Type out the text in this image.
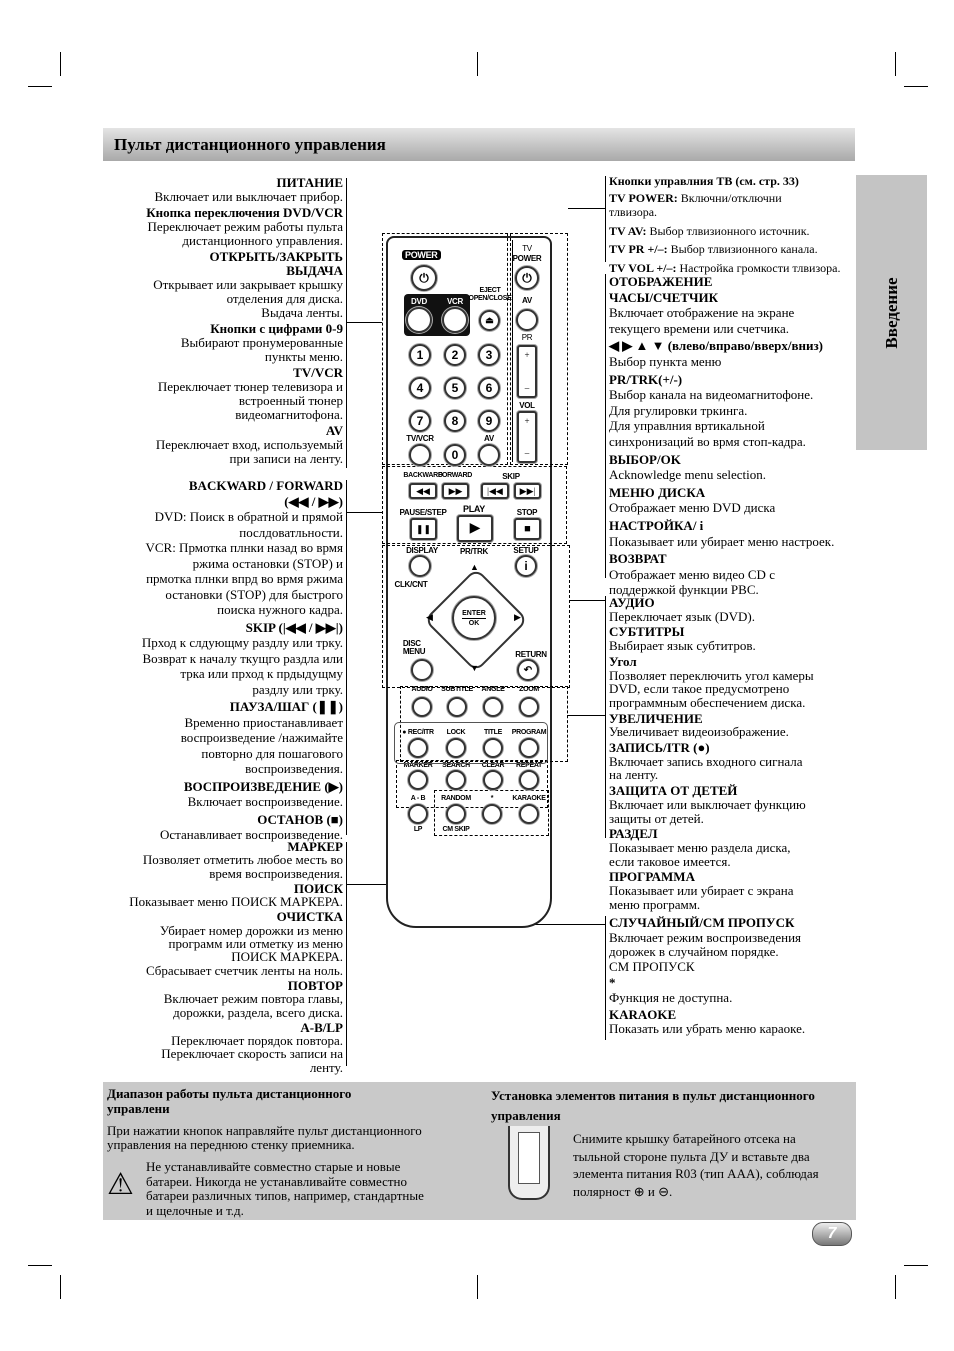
Пульт дистанционного управления
Введение
ПИТАНИЕ
Включает или выключает прибор.
Кнопка переключения DVD/VCR
Переключает режим работы пульта
дистанционного управления.
ОТКРЫТЬ/ЗАКРЫТЬ
ВЫДАЧА
Открывает или закрывает крышку
отделения для диска.
Выдача ленты.
Кнопки с цифрами 0-9
Выбирают пронумерованные
пункты меню.
TV/VCR
Переключает тюнер телевизора и
встроенный тюнер
видеомагнитофона.
AV
Переключает вход, используемый
при записи на ленту.
BACKWARD / FORWARD
(◀◀ / ▶▶)
DVD: Поиск в обратной и прямой
послдоватльности.
VCR: Прмотка плнки назад во врмя
ржима остановки (STOP) и
прмотка плнки впрд во врмя ржима
остановки (STOP) для быстрого
поиска нужного кадра.
SKIP (|◀◀ / ▶▶|)
Прход к слдующму раздлу или трку.
Возврат к началу ткущго раздла или
трка или прход к прдыдущму
раздлу или трку.
ПАУЗА/ШАГ (❚❚)
Временно приостанавливает
воспроизведение /нажимайте
повторно для пошагового
воспроизведения.
ВОСПРОИЗВЕДЕНИЕ (▶)
Включает воспроизведение.
ОСТАНОВ (■)
Останавливает воспроизведение.
МАРКЕР
Позволяет отметить любое месть во
время воспроизведения.
ПОИСК
Показывает меню ПОИСК МАРКЕРА.
ОЧИСТКА
Убирает номер дорожки из меню
программ или отметку из меню
ПОИСК МАРКЕРА.
Сбрасывает счетчик ленты на ноль.
ПОВТОР
Включает режим повтора главы,
дорожки, раздела, всего диска.
A-B/LP
Переключает порядок повтора.
Переключает скорость записи на
ленту.
Кнопки управлния ТВ (см. стр. 33)
TV POWER: Включни/отключни
тлвизора.
TV AV: Выбор тлвизионного источник.
TV PR +/–: Выбор тлвизионного канала.
TV VOL +/–: Настройка громкости тлвизора.
ОТОБРАЖЕНИЕ
ЧАСЫ/СЧЕТЧИК
Включает отображение на экране
текущего времени или счетчика.
◀ ▶ ▲ ▼ (влево/вправо/вверх/вниз)
Выбор пункта меню
PR/TRK(+/-)
Выбор канала на видеомагнитофоне.
Для ргулировки тркинга.
Для управлния вртикальной
синхронизаций во врмя стоп-кадра.
ВЫБОР/OK
Acknowledge menu selection.
МЕНЮ ДИСКА
Отображает меню DVD диска
НАСТРОЙКА/ i
Показывает или убирает меню настроек.
ВОЗВРАТ
Отображает меню видео CD с
поддержкой функции PBC.
АУДИО
Переключает язык (DVD).
СУБТИТРЫ
Выбирает язык субтитров.
Угол
Позволяет переключить угол камеры
DVD, если такое предусмотрено
программным обеспечением диска.
УВЕЛИЧЕНИЕ
Увеличивает видеоизображение.
ЗАПИСЬ/ITR (●)
Включает запись входного сигнала
на ленту.
ЗАЩИТА ОТ ДЕТЕЙ
Включает или выключает функцию
защиты от детей.
РАЗДЕЛ
Показывает меню раздела диска,
если таковое имеется.
ПРОГРАММА
Показывает или убирает с экрана
меню программ.
СЛУЧАЙНЫЙ/СМ ПРОПУСК
Включает режим воспроизведения
дорожек в случайном порядке.
СМ ПРОПУСК
*
Функция не доступна.
KARAOKE
Показать или убрать меню караоке.
POWER
⏻
DVD	VCR
EJECT
OPEN/CLOSE
⏏
1	2	3
4	5	6
7	8	9
0
TV/VCR	AV
TV
POWER
⏻
AV
PR
+
–
VOL
+
–
BACKWARD
FORWARD	SKIP
◀◀ ▶▶	|◀◀ ▶▶|
PAUSE/STEP PLAY	STOP
❚❚	▶	■
DISPLAY
CLK/CNT
PR/TRK	SETUP
i
▲
▼
◀	▶
ENTER
OK
DISC
MENU	RETURN
↶
AUDIO SUBTITLE ANGLE ZOOM
● REC/ITR LOCK	TITLE PROGRAM
MARKER SEARCH CLEAR REPEAT
A - B RANDOM	*	KARAOKE
LP	CM SKIP
Диапазон работы пульта дистанционного
управлени
При нажатии кнопок направляйте пульт дистанционного
управления на переднюю стенку приемника.
⚠
Не устанавливайте совместно старые и новые
батареи. Никогда не устанавливайте совместно
батареи различных типов, например, стандартные
и щелочные и т.д.
Установка элементов питания в пульт дистанционного
управления
Снимите крышку батарейного отсека на
тыльной стороне пульта ДУ и вставьте два
элемента питания R03 (тип AAA), соблюдая
полярност ⊕ и ⊖.
7
